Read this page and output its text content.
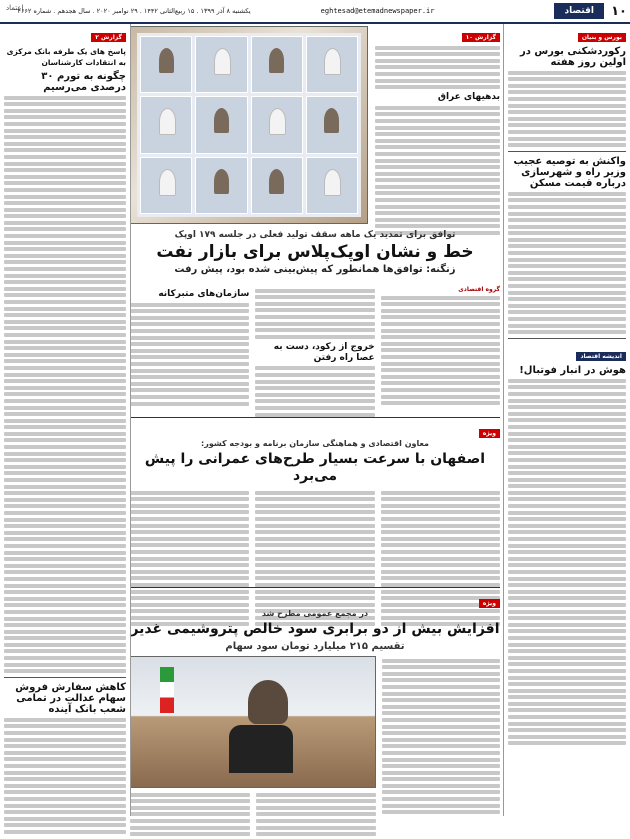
۱۰
اقتصاد
eghtesad@etemadnewspaper.ir
یکشنبه ۸ آذر ۱۳۹۹ . ۱۵ ربیع‌الثانی ۱۴۴۲ . ۲۹ نوامبر ۲۰۲۰ . سال هجدهم . شماره ۴۶۶۲
اعتماد
بورس و بنیان
رکوردشکنی بورس در اولین روز هفته
واکنش به توصیه عجیب وزیر راه و شهرسازی درباره قیمت مسکن
اندیشه اقتصاد
هوش در انبار فوتبال!
گزارش ۱۰
بدهیهای عراق
توافق برای تمدید یک ماهه سقف تولید فعلی در جلسه ۱۷۹ اوپک
خط و نشان اوپک‌پلاس برای بازار نفت
زنگنه: توافق‌ها همانطور که پیش‌بینی شده بود، پیش رفت
گروه اقتصادی
خروج از رکود، دست به عصا راه رفتن
سازمان‌های متبرکانه
ویژه
معاون اقتصادی و هماهنگی سازمان برنامه و بودجه کشور:
اصفهان با سرعت بسیار طرح‌های عمرانی را پیش می‌برد
ویژه
در مجمع عمومی مطرح شد
افزایش بیش از دو برابری سود خالص پتروشیمی غدیر
تقسیم ۲۱۵ میلیارد تومان سود سهام
گزارش ۲
پاسخ های یک طرفه بانک مرکزی به انتقادات کارشناسان
چگونه به تورم ۳۰ درصدی می‌رسیم
کاهش سفارش فروش سهام عدالت در تمامی شعب بانک آینده
